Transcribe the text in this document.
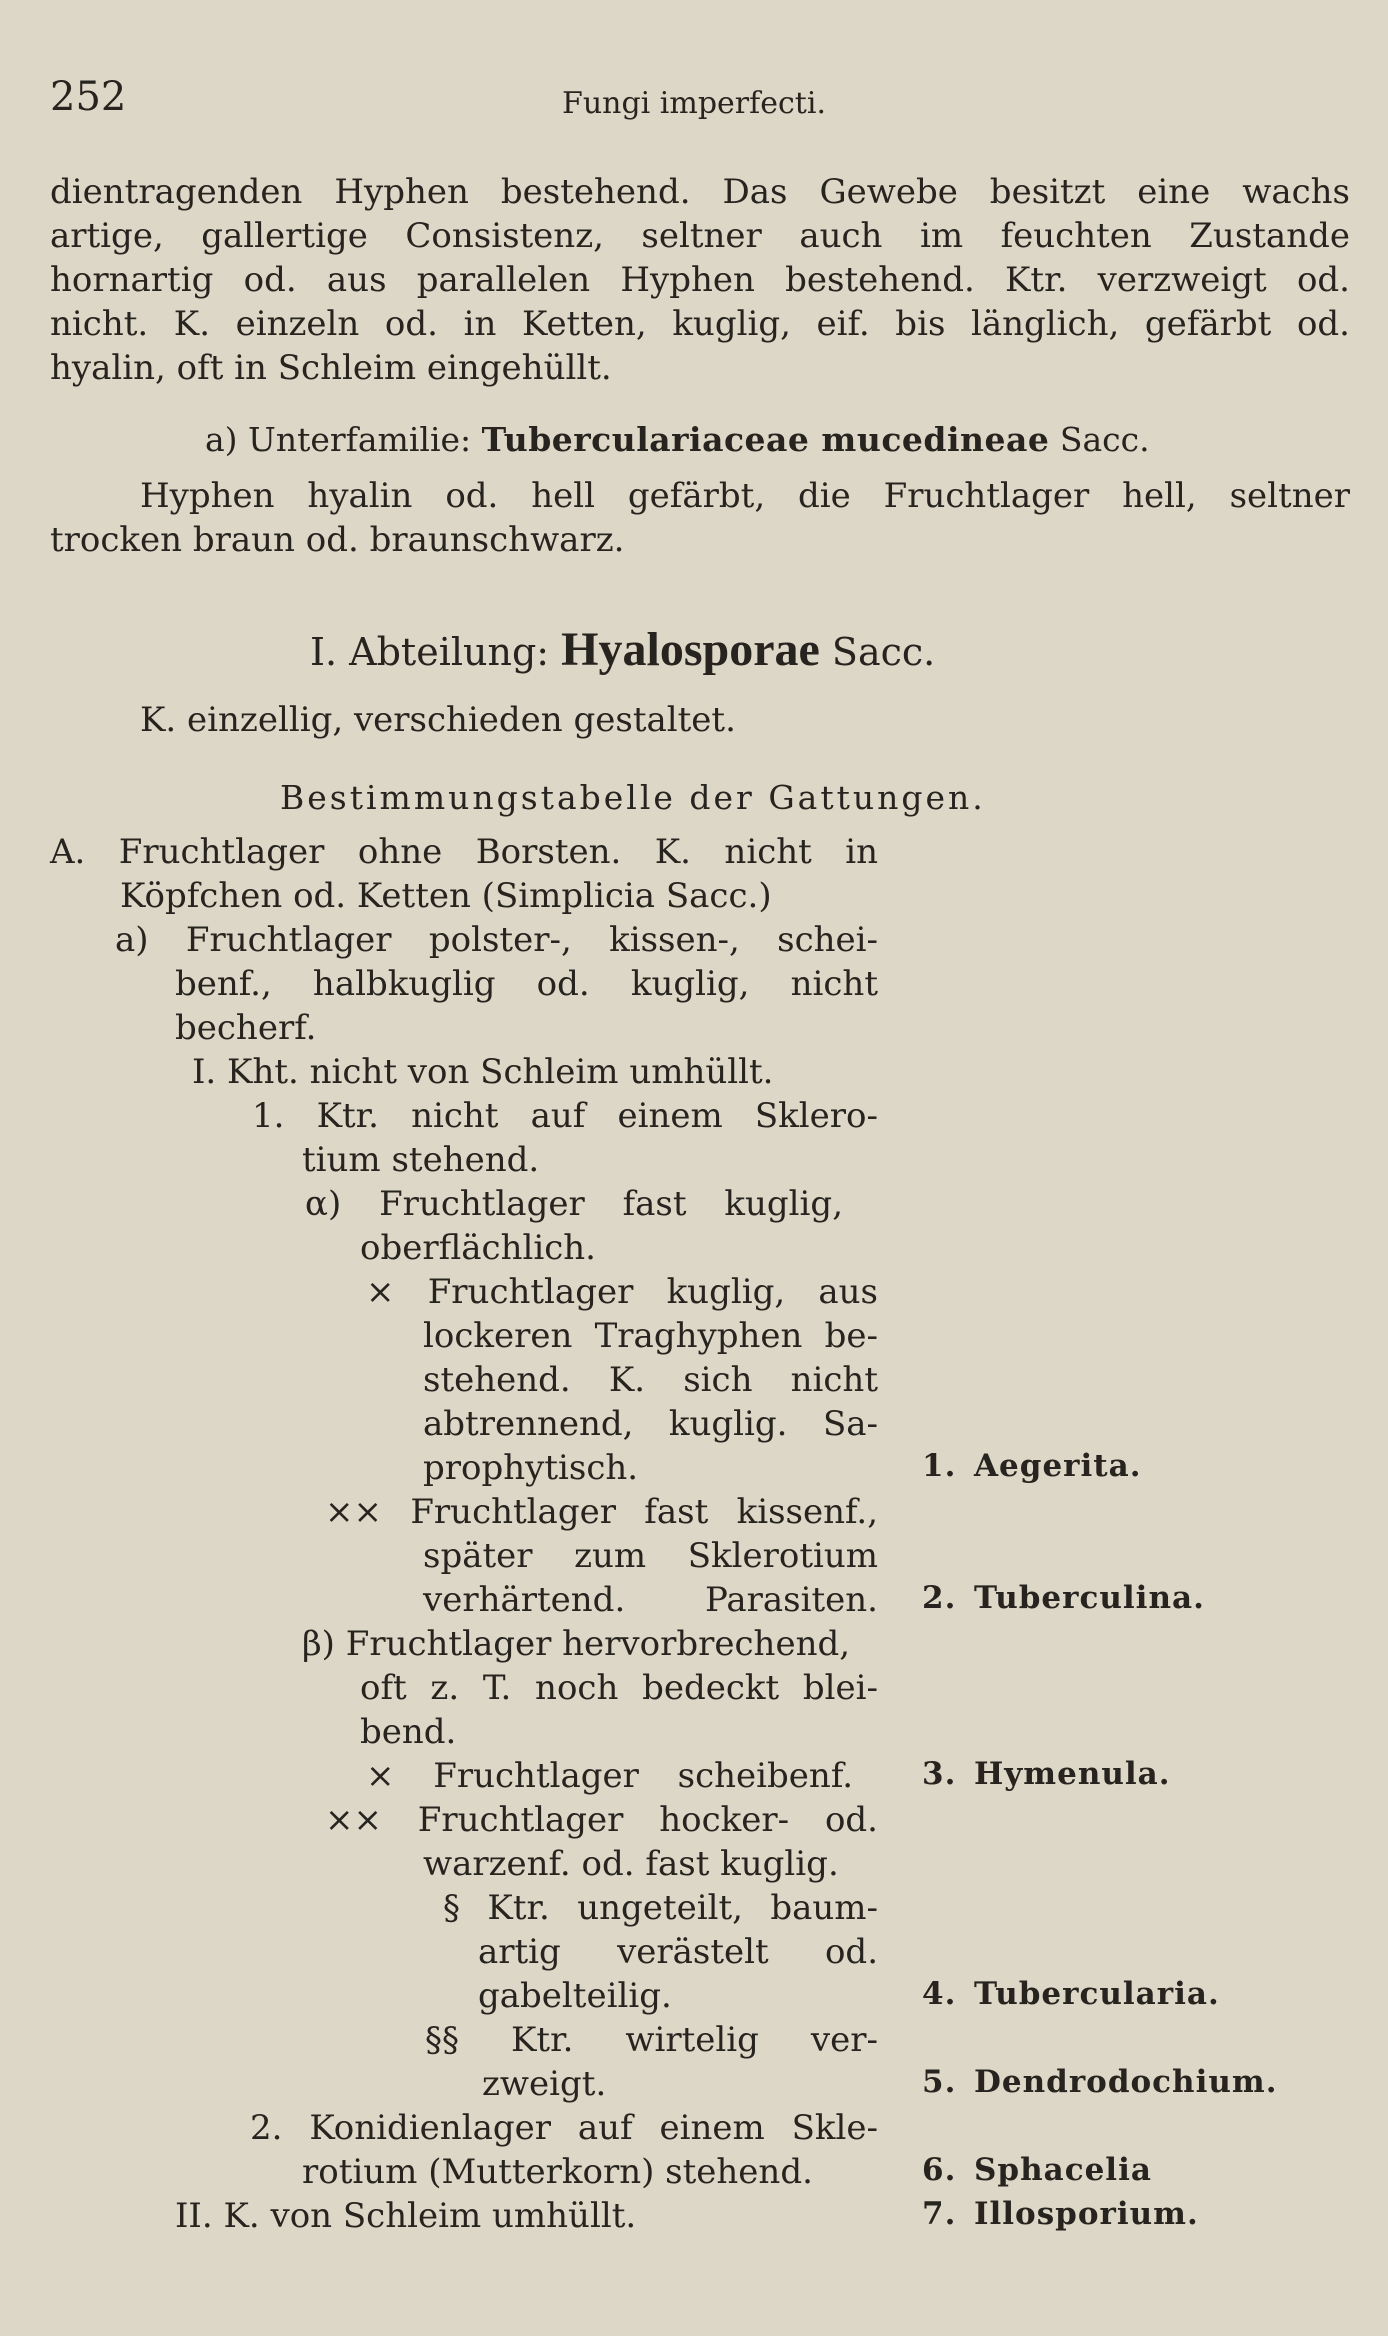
252	Fungi imperfecti.
dientragenden Hyphen bestehend. Das Gewebe besitzt eine wachs
artige, gallertige Consistenz, seltner auch im feuchten Zustande
hornartig od. aus parallelen Hyphen bestehend. Ktr. verzweigt od.
nicht. K. einzeln od. in Ketten, kuglig, eif. bis länglich, gefärbt od.
hyalin, oft in Schleim eingehüllt.
a) Unterfamilie: Tuberculariaceae mucedineae Sacc.
Hyphen hyalin od. hell gefärbt, die Fruchtlager hell, seltner
trocken braun od. braunschwarz.
I. Abteilung: Hyalosporae Sacc.
K. einzellig, verschieden gestaltet.
Bestimmungstabelle der Gattungen.
A. Fruchtlager ohne Borsten. K. nicht in
Köpfchen od. Ketten (Simplicia Sacc.)
a) Fruchtlager polster-, kissen-, schei-
benf., halbkuglig od. kuglig, nicht
becherf.
I. Kht. nicht von Schleim umhüllt.
1. Ktr. nicht auf einem Sklero-
tium stehend.
α) Fruchtlager fast kuglig,
oberflächlich.
× Fruchtlager kuglig, aus
lockeren Traghyphen be-
stehend. K. sich nicht
abtrennend, kuglig. Sa-
prophytisch.
×× Fruchtlager fast kissenf.,
später zum Sklerotium
verhärtend. Parasiten.
β) Fruchtlager hervorbrechend,
oft z. T. noch bedeckt blei-
bend.
× Fruchtlager scheibenf.
×× Fruchtlager hocker- od.
warzenf. od. fast kuglig.
§ Ktr. ungeteilt, baum-
artig verästelt od.
gabelteilig.
§§ Ktr. wirtelig ver-
zweigt.
2. Konidienlager auf einem Skle-
rotium (Mutterkorn) stehend.
II. K. von Schleim umhüllt.
1. Aegerita.
2. Tuberculina.
3. Hymenula.
4. Tubercularia.
5. Dendrodochium.
6. Sphacelia
7. Illosporium.
